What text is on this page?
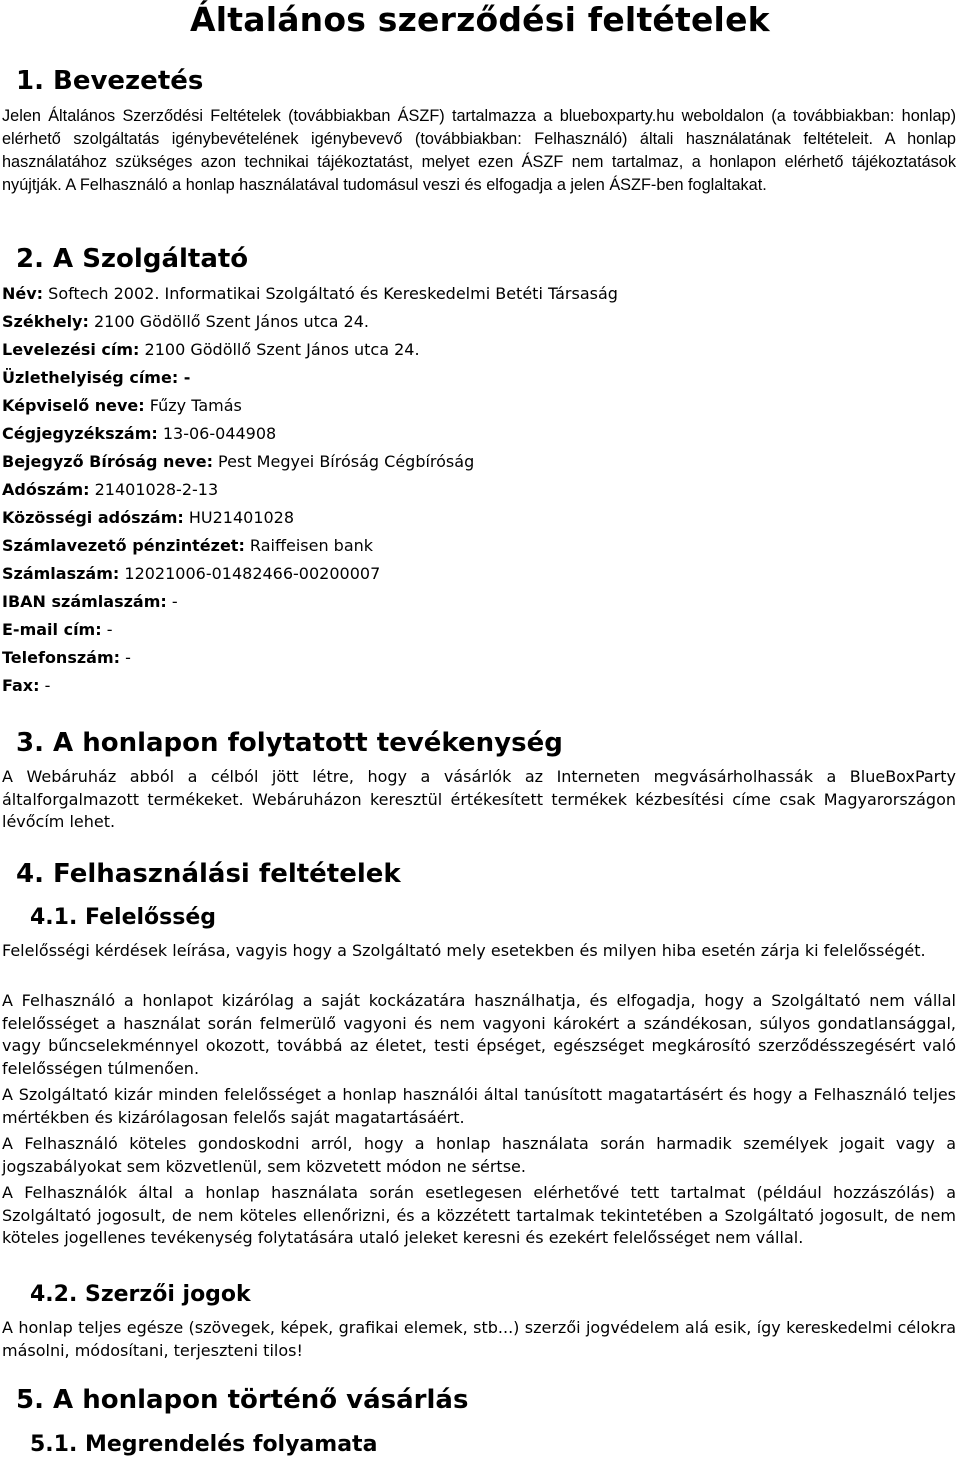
Általános szerződési feltételek
1. Bevezetés

Jelen Általános Szerződési Feltételek (továbbiakban ÁSZF) tartalmazza a blueboxparty.hu weboldalon (a továbbiakban: honlap) elérhető szolgáltatás igénybevételének igénybevevő (továbbiakban: Felhasználó) általi használatának feltételeit. A honlap használatához szükséges azon technikai tájékoztatást, melyet ezen ÁSZF nem tartalmaz, a honlapon elérhető tájékoztatások nyújtják. A Felhasználó a honlap használatával tudomásul veszi és elfogadja a jelen ÁSZF-ben foglaltakat.

2. A Szolgáltató

Név: Softech 2002. Informatikai Szolgáltató és Kereskedelmi Betéti Társaság

Székhely: 2100 Gödöllő Szent János utca 24.

Levelezési cím: 2100 Gödöllő Szent János utca 24.

Üzlethelyiség címe: -

Képviselő neve: Fűzy Tamás

Cégjegyzékszám: 13-06-044908

Bejegyző Bíróság neve: Pest Megyei Bíróság Cégbíróság

Adószám: 21401028-2-13

Közösségi adószám: HU21401028

Számlavezető pénzintézet: Raiffeisen bank

Számlaszám: 12021006-01482466-00200007

IBAN számlaszám: -

E-mail cím: -

Telefonszám: -

Fax: -

3. A honlapon folytatott tevékenység

A Webáruház abból a célból jött létre, hogy a vásárlók az Interneten megvásárholhassák a BlueBoxParty általforgalmazott termékeket. Webáruházon keresztül értékesített termékek kézbesítési címe csak Magyarországon lévőcím lehet.

4. Felhasználási feltételek
4.1. Felelősség

Felelősségi kérdések leírása, vagyis hogy a Szolgáltató mely esetekben és milyen hiba esetén zárja ki felelősségét.

A Felhasználó a honlapot kizárólag a saját kockázatára használhatja, és elfogadja, hogy a Szolgáltató nem vállal felelősséget a használat során felmerülő vagyoni és nem vagyoni károkért a szándékosan, súlyos gondatlansággal, vagy bűncselekménnyel okozott, továbbá az életet, testi épséget, egészséget megkárosító szerződésszegésért való felelősségen túlmenően.

A Szolgáltató kizár minden felelősséget a honlap használói által tanúsított magatartásért és hogy a Felhasználó teljes mértékben és kizárólagosan felelős saját magatartásáért.

A Felhasználó köteles gondoskodni arról, hogy a honlap használata során harmadik személyek jogait vagy a jogszabályokat sem közvetlenül, sem közvetett módon ne sértse.

A Felhasználók által a honlap használata során esetlegesen elérhetővé tett tartalmat (például hozzászólás) a Szolgáltató jogosult, de nem köteles ellenőrizni, és a közzétett tartalmak tekintetében a Szolgáltató jogosult, de nem köteles jogellenes tevékenység folytatására utaló jeleket keresni és ezekért felelősséget nem vállal.

4.2. Szerzői jogok

A honlap teljes egésze (szövegek, képek, grafikai elemek, stb...) szerzői jogvédelem alá esik, így kereskedelmi célokra másolni, módosítani, terjeszteni tilos!

5. A honlapon történő vásárlás
5.1. Megrendelés folyamata
